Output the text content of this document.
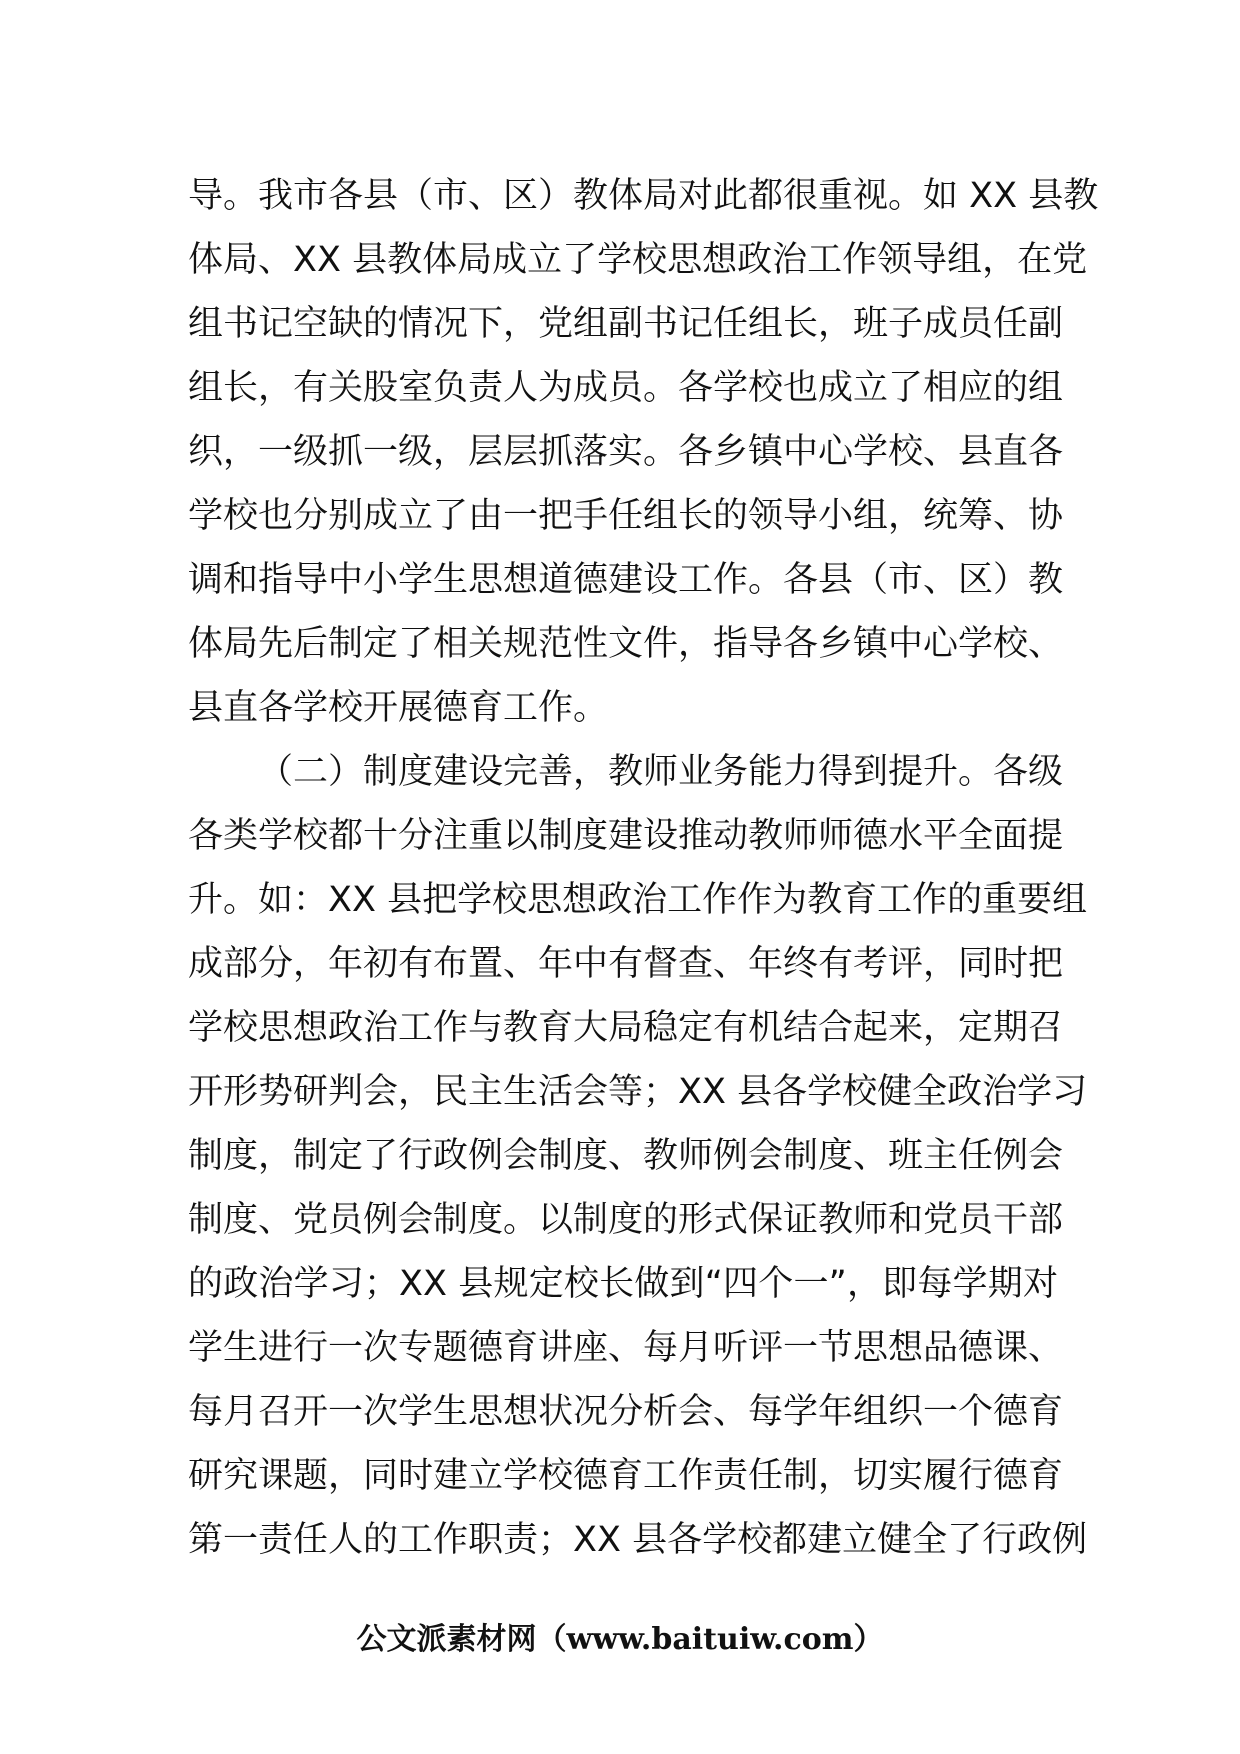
导。我市各县（市、区）教体局对此都很重视。如 XX 县教
体局、XX 县教体局成立了学校思想政治工作领导组，在党
组书记空缺的情况下，党组副书记任组长，班子成员任副
组长，有关股室负责人为成员。各学校也成立了相应的组
织，一级抓一级，层层抓落实。各乡镇中心学校、县直各
学校也分别成立了由一把手任组长的领导小组，统筹、协
调和指导中小学生思想道德建设工作。各县（市、区）教
体局先后制定了相关规范性文件，指导各乡镇中心学校、
县直各学校开展德育工作。
（二）制度建设完善，教师业务能力得到提升。各级
各类学校都十分注重以制度建设推动教师师德水平全面提
升。如：XX 县把学校思想政治工作作为教育工作的重要组
成部分，年初有布置、年中有督查、年终有考评，同时把
学校思想政治工作与教育大局稳定有机结合起来，定期召
开形势研判会，民主生活会等；XX 县各学校健全政治学习
制度，制定了行政例会制度、教师例会制度、班主任例会
制度、党员例会制度。以制度的形式保证教师和党员干部
的政治学习；XX 县规定校长做到“四个一”，即每学期对
学生进行一次专题德育讲座、每月听评一节思想品德课、
每月召开一次学生思想状况分析会、每学年组织一个德育
研究课题，同时建立学校德育工作责任制，切实履行德育
第一责任人的工作职责；XX 县各学校都建立健全了行政例
公文派素材网（www.baituiw.com）
